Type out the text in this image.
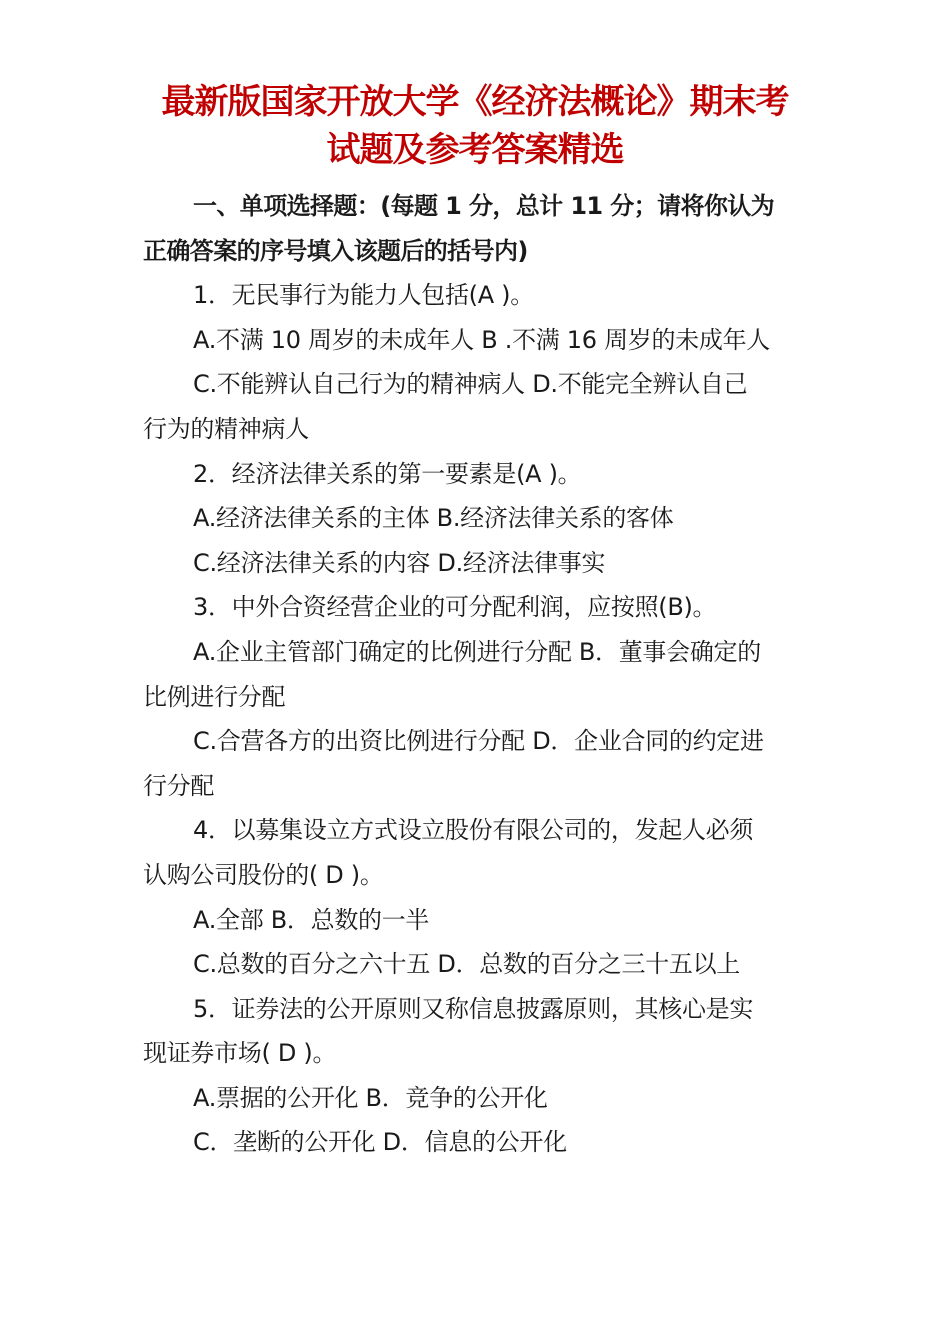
最新版国家开放大学《经济法概论》期末考
试题及参考答案精选
一、单项选择题：(每题 1 分，总计 11 分；请将你认为
正确答案的序号填入该题后的括号内)
1．无民事行为能力人包括(A )。
A.不满 10 周岁的未成年人 B .不满 16 周岁的未成年人
C.不能辨认自己行为的精神病人 D.不能完全辨认自己
行为的精神病人
2．经济法律关系的第一要素是(A )。
A.经济法律关系的主体 B.经济法律关系的客体
C.经济法律关系的内容 D.经济法律事实
3．中外合资经营企业的可分配利润，应按照(B)。
A.企业主管部门确定的比例进行分配 B．董事会确定的
比例进行分配
C.合营各方的出资比例进行分配 D．企业合同的约定进
行分配
4．以募集设立方式设立股份有限公司的，发起人必须
认购公司股份的( D )。
A.全部 B．总数的一半
C.总数的百分之六十五 D．总数的百分之三十五以上
5．证券法的公开原则又称信息披露原则，其核心是实
现证券市场( D )。
A.票据的公开化 B．竞争的公开化
C．垄断的公开化 D．信息的公开化
